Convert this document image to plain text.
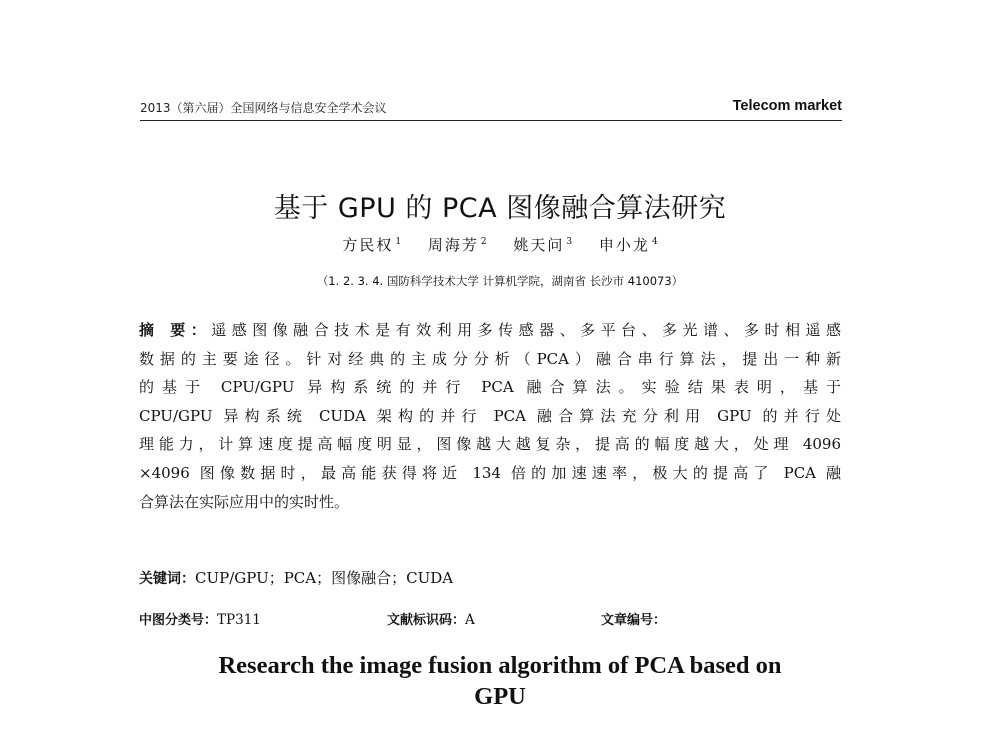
2013（第六届）全国网络与信息安全学术会议	Telecom market
基于 GPU 的 PCA 图像融合算法研究
方民权 $^1$ 周海芳 $^2$ 姚天问 $^3$ 申小龙 $^4$
（1. 2. 3. 4. 国防科学技术大学 计算机学院，湖南省 长沙市 410073）
摘 要：遥感图像融合技术是有效利用多传感器、多平台、多光谱、多时相遥感
数据的主要途径。针对经典的主成分分析（PCA）融合串行算法，提出一种新
的基于 CPU/GPU 异构系统的并行 PCA 融合算法。实验结果表明，基于
CPU/GPU 异构系统 CUDA 架构的并行 PCA 融合算法充分利用 GPU 的并行处
理能力，计算速度提高幅度明显，图像越大越复杂，提高的幅度越大，处理 4096
×4096 图像数据时，最高能获得将近 134 倍的加速速率，极大的提高了 PCA 融
合算法在实际应用中的实时性。
关键词：CUP/GPU；PCA；图像融合；CUDA
中图分类号：TP311	文献标识码：A	文章编号：
Research the image fusion algorithm of PCA based on
GPU
